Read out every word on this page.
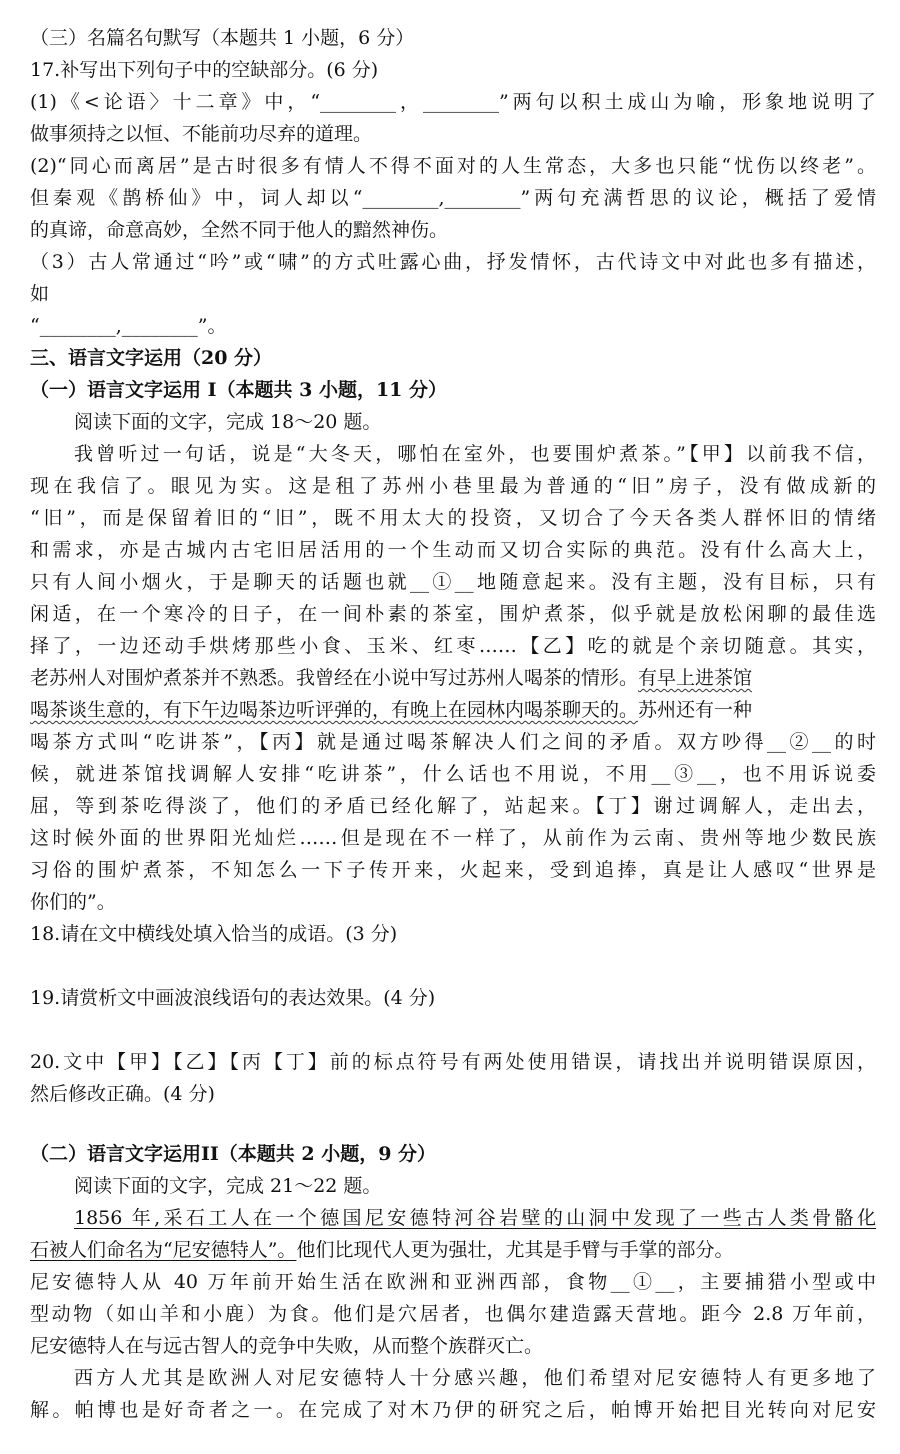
（三）名篇名句默写（本题共 1 小题，6 分）
17.补写出下列句子中的空缺部分。(6 分)
(1)《<论语〉十二章》中，“________，________”两句以积土成山为喻，形象地说明了
做事须持之以恒、不能前功尽弃的道理。
(2)“同心而离居”是古时很多有情人不得不面对的人生常态，大多也只能“忧伤以终老”。
但秦观《鹊桥仙》中，词人却以“________,________”两句充满哲思的议论，概括了爱情
的真谛，命意高妙，全然不同于他人的黯然神伤。
（3）古人常通过“吟”或“啸”的方式吐露心曲，抒发情怀，古代诗文中对此也多有描述，
如
“________,________”。
三、语言文字运用（20 分）
（一）语言文字运用 I（本题共 3 小题，11 分）
阅读下面的文字，完成 18～20 题。
我曾听过一句话，说是“大冬天，哪怕在室外，也要围炉煮茶。”【甲】以前我不信，
现在我信了。眼见为实。这是租了苏州小巷里最为普通的“旧”房子，没有做成新的
“旧”，而是保留着旧的“旧”，既不用太大的投资，又切合了今天各类人群怀旧的情绪
和需求，亦是古城内古宅旧居活用的一个生动而又切合实际的典范。没有什么高大上，
只有人间小烟火，于是聊天的话题也就__①__地随意起来。没有主题，没有目标，只有
闲适，在一个寒冷的日子，在一间朴素的茶室，围炉煮茶，似乎就是放松闲聊的最佳选
择了，一边还动手烘烤那些小食、玉米、红枣……【乙】吃的就是个亲切随意。其实，
老苏州人对围炉煮茶并不熟悉。我曾经在小说中写过苏州人喝茶的情形。有早上进茶馆
喝茶谈生意的，有下午边喝茶边听评弹的，有晚上在园林内喝茶聊天的。苏州还有一种
喝茶方式叫“吃讲茶”，【丙】就是通过喝茶解决人们之间的矛盾。双方吵得__②__的时
候，就进茶馆找调解人安排“吃讲茶”，什么话也不用说，不用__③__，也不用诉说委
屈，等到茶吃得淡了，他们的矛盾已经化解了，站起来。【丁】谢过调解人，走出去，
这时候外面的世界阳光灿烂……但是现在不一样了，从前作为云南、贵州等地少数民族
习俗的围炉煮茶，不知怎么一下子传开来，火起来，受到追捧，真是让人感叹“世界是
你们的”。
18.请在文中横线处填入恰当的成语。(3 分)
19.请赏析文中画波浪线语句的表达效果。(4 分)
20.文中【甲】【乙】【丙【丁】前的标点符号有两处使用错误，请找出并说明错误原因，
然后修改正确。(4 分)
（二）语言文字运用II（本题共 2 小题，9 分）
阅读下面的文字，完成 21～22 题。
1856 年,采石工人在一个德国尼安德特河谷岩壁的山洞中发现了一些古人类骨骼化
石被人们命名为“尼安德特人”。他们比现代人更为强壮，尤其是手臂与手掌的部分。
尼安德特人从 40 万年前开始生活在欧洲和亚洲西部，食物__①__，主要捕猎小型或中
型动物（如山羊和小鹿）为食。他们是穴居者，也偶尔建造露天营地。距今 2.8 万年前，
尼安德特人在与远古智人的竞争中失败，从而整个族群灭亡。
西方人尤其是欧洲人对尼安德特人十分感兴趣，他们希望对尼安德特人有更多地了
解。帕博也是好奇者之一。在完成了对木乃伊的研究之后，帕博开始把目光转向对尼安
